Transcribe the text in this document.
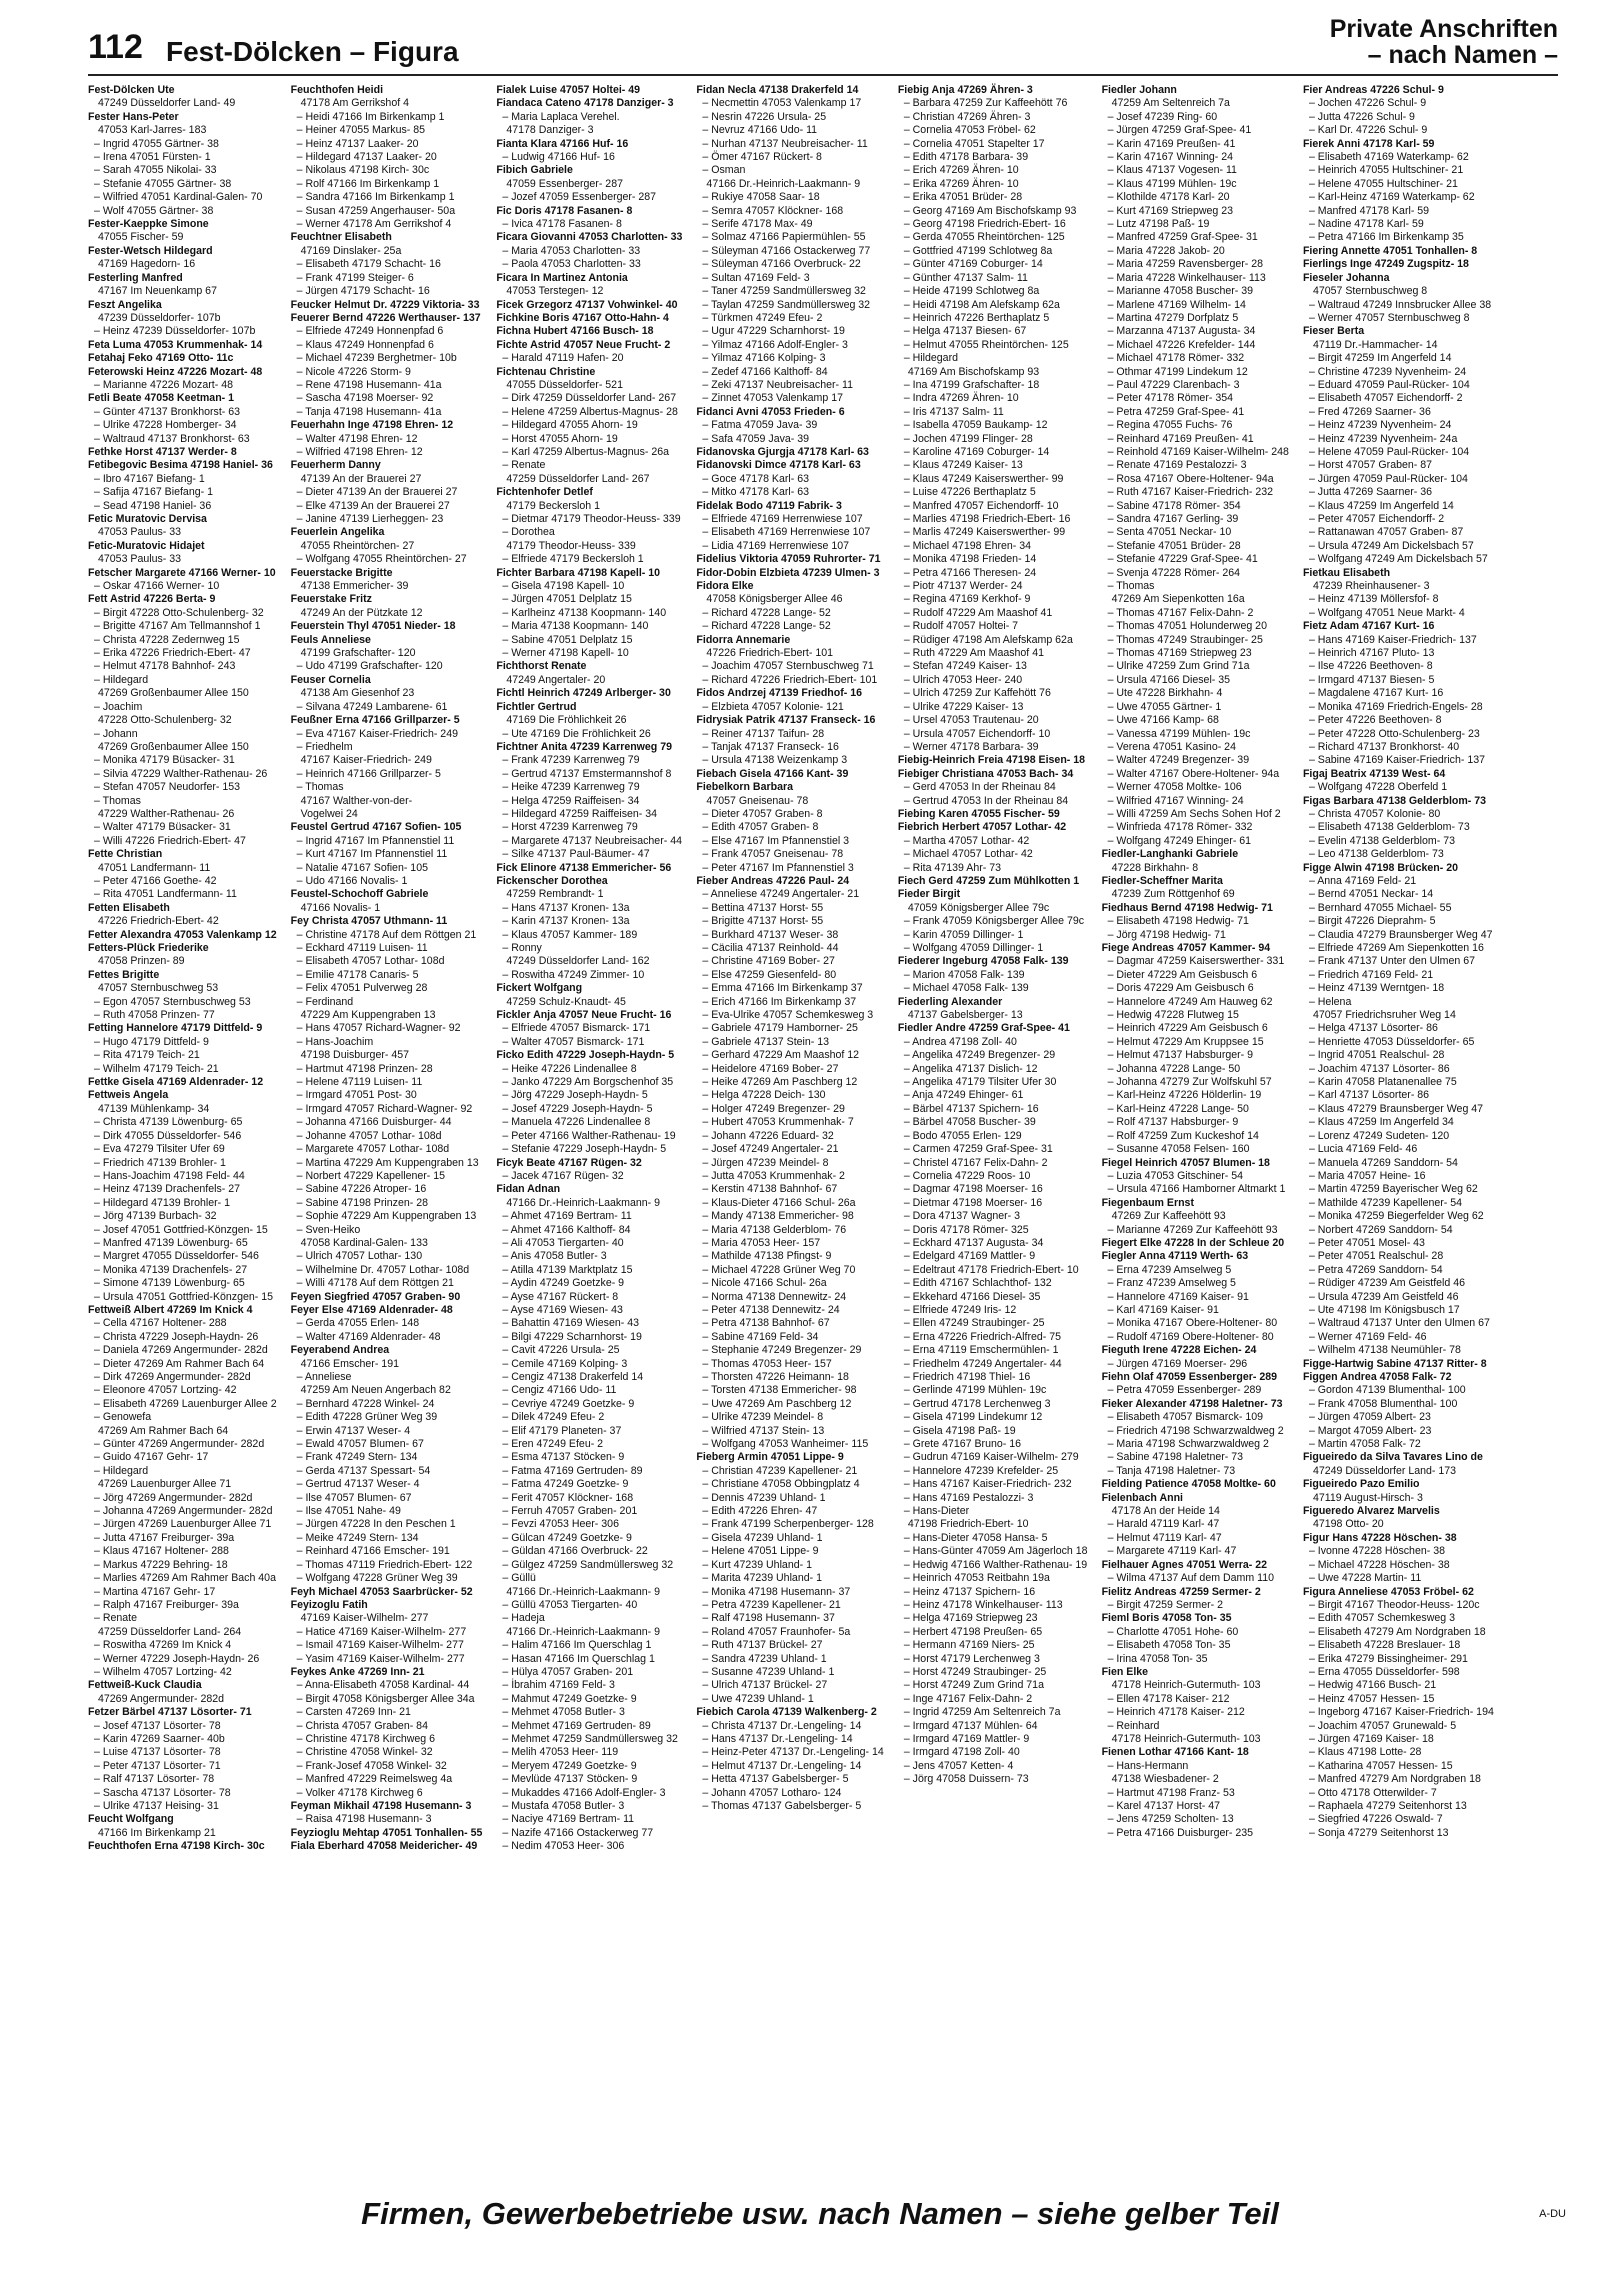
112 Fest-Dölcken – Figura
Private Anschriften
– nach Namen –
Fest-Dölcken Ute
47249 Düsseldorfer Land- 49
Fester Hans-Peter
47053 Karl-Jarres- 183
– Ingrid 47055 Gärtner- 38
– Irena 47051 Fürsten- 1
– Sarah 47055 Nikolai- 33
– Stefanie 47055 Gärtner- 38
– Wilfried 47051 Kardinal-Galen- 70
– Wolf 47055 Gärtner- 38
Fester-Kaeppke Simone
47055 Fischer- 59
Fester-Wetsch Hildegard
47169 Hagedorn- 16
Festerling Manfred
47167 Im Neuenkamp 67
Feszt Angelika
47239 Düsseldorfer- 107b
– Heinz 47239 Düsseldorfer- 107b
Feta Luma 47053 Krummenhak- 14
Fetahaj Feko 47169 Otto- 11c
Feterowski Heinz 47226 Mozart- 48
– Marianne 47226 Mozart- 48
Fetli Beate 47058 Keetman- 1
– Günter 47137 Bronkhorst- 63
– Ulrike 47228 Homberger- 34
– Waltraud 47137 Bronkhorst- 63
Fethke Horst 47137 Werder- 8
Fetibegovic Besima 47198 Haniel- 36
– Ibro 47167 Biefang- 1
– Safija 47167 Biefang- 1
– Sead 47198 Haniel- 36
Fetic Muratovic Dervisa
47053 Paulus- 33
Fetic-Muratovic Hidajet
47053 Paulus- 33
Fetscher Margarete 47166 Werner- 10
– Oskar 47166 Werner- 10
Fett Astrid 47226 Berta- 9
– Birgit 47228 Otto-Schulenberg- 32
– Brigitte 47167 Am Tellmannshof 1
– Christa 47228 Zedernweg 15
– Erika 47226 Friedrich-Ebert- 47
– Helmut 47178 Bahnhof- 243
– Hildegard
47269 Großenbaumer Allee 150
– Joachim
47228 Otto-Schulenberg- 32
– Johann
47269 Großenbaumer Allee 150
– Monika 47179 Büsacker- 31
– Silvia 47229 Walther-Rathenau- 26
– Stefan 47057 Neudorfer- 153
– Thomas
47229 Walther-Rathenau- 26
– Walter 47179 Büsacker- 31
– Willi 47226 Friedrich-Ebert- 47
Fette Christian
47051 Landfermann- 11
– Peter 47166 Goethe- 42
– Rita 47051 Landfermann- 11
Fetten Elisabeth
47226 Friedrich-Ebert- 42
Fetter Alexandra 47053 Valenkamp 12
Fetters-Plück Friederike
47058 Prinzen- 89
Fettes Brigitte
47057 Sternbuschweg 53
– Egon 47057 Sternbuschweg 53
– Ruth 47058 Prinzen- 77
Fetting Hannelore 47179 Dittfeld- 9
– Hugo 47179 Dittfeld- 9
– Rita 47179 Teich- 21
– Wilhelm 47179 Teich- 21
Fettke Gisela 47169 Aldenrader- 12
Fettweis Angela
47139 Mühlenkamp- 34
– Christa 47139 Löwenburg- 65
– Dirk 47055 Düsseldorfer- 546
– Eva 47279 Tilsiter Ufer 69
– Friedrich 47139 Brohler- 1
– Hans-Joachim 47198 Feld- 44
– Heinz 47139 Drachenfels- 27
– Hildegard 47139 Brohler- 1
– Jörg 47139 Burbach- 32
– Josef 47051 Gottfried-Könzgen- 15
– Manfred 47139 Löwenburg- 65
– Margret 47055 Düsseldorfer- 546
– Monika 47139 Drachenfels- 27
– Simone 47139 Löwenburg- 65
– Ursula 47051 Gottfried-Könzgen- 15
Fettweiß Albert 47269 Im Knick 4
– Cella 47167 Holtener- 288
– Christa 47229 Joseph-Haydn- 26
– Daniela 47269 Angermunder- 282d
– Dieter 47269 Am Rahmer Bach 64
– Dirk 47269 Angermunder- 282d
– Eleonore 47057 Lortzing- 42
– Elisabeth 47269 Lauenburger Allee 2
– Genowefa
47269 Am Rahmer Bach 64
– Günter 47269 Angermunder- 282d
– Guido 47167 Gehr- 17
– Hildegard
47269 Lauenburger Allee 71
– Jörg 47269 Angermunder- 282d
– Johanna 47269 Angermunder- 282d
– Jürgen 47269 Lauenburger Allee 71
– Jutta 47167 Freiburger- 39a
– Klaus 47167 Holtener- 288
– Markus 47229 Behring- 18
– Marlies 47269 Am Rahmer Bach 40a
– Martina 47167 Gehr- 17
– Ralph 47167 Freiburger- 39a
– Renate
47259 Düsseldorfer Land- 264
– Roswitha 47269 Im Knick 4
– Werner 47229 Joseph-Haydn- 26
– Wilhelm 47057 Lortzing- 42
Fettweiß-Kuck Claudia
47269 Angermunder- 282d
Fetzer Bärbel 47137 Lösorter- 71
– Josef 47137 Lösorter- 78
– Karin 47269 Saarner- 40b
– Luise 47137 Lösorter- 78
– Peter 47137 Lösorter- 71
– Ralf 47137 Lösorter- 78
– Sascha 47137 Lösorter- 78
– Ulrike 47137 Heising- 31
Feucht Wolfgang
47166 Im Birkenkamp 21
Feuchthofen Erna 47198 Kirch- 30c
Feuchthofen Heidi
47178 Am Gerrikshof 4
– Heidi 47166 Im Birkenkamp 1
– Heiner 47055 Markus- 85
– Heinz 47137 Laaker- 20
– Hildegard 47137 Laaker- 20
– Nikolaus 47198 Kirch- 30c
– Rolf 47166 Im Birkenkamp 1
– Sandra 47166 Im Birkenkamp 1
– Susan 47259 Angerhauser- 50a
– Werner 47178 Am Gerrikshof 4
Feuchtner Elisabeth
47169 Dinslaker- 25a
– Elisabeth 47179 Schacht- 16
– Frank 47199 Steiger- 6
– Jürgen 47179 Schacht- 16
Feucker Helmut Dr. 47229 Viktoria- 33
Feuerer Bernd 47226 Werthauser- 137
– Elfriede 47249 Honnenpfad 6
– Klaus 47249 Honnenpfad 6
– Michael 47239 Berghetmer- 10b
– Nicole 47226 Storm- 9
– Rene 47198 Husemann- 41a
– Sascha 47198 Moerser- 92
– Tanja 47198 Husemann- 41a
Feuerhahn Inge 47198 Ehren- 12
– Walter 47198 Ehren- 12
– Wilfried 47198 Ehren- 12
Feuerherm Danny
47139 An der Brauerei 27
– Dieter 47139 An der Brauerei 27
– Elke 47139 An der Brauerei 27
– Janine 47139 Lierheggen- 23
Feuerlein Angelika
47055 Rheintörchen- 27
– Wolfgang 47055 Rheintörchen- 27
Feuerstacke Brigitte
47138 Emmericher- 39
Feuerstake Fritz
47249 An der Pützkate 12
Feuerstein Thyl 47051 Nieder- 18
Feuls Anneliese
47199 Grafschafter- 120
– Udo 47199 Grafschafter- 120
Feuser Cornelia
47138 Am Giesenhof 23
– Silvana 47249 Lambarene- 61
Feußner Erna 47166 Grillparzer- 5
– Eva 47167 Kaiser-Friedrich- 249
– Friedhelm
47167 Kaiser-Friedrich- 249
– Heinrich 47166 Grillparzer- 5
– Thomas
47167 Walther-von-der-
Vogelwei 24
Feustel Gertrud 47167 Sofien- 105
– Ingrid 47167 Im Pfannenstiel 11
– Kurt 47167 Im Pfannenstiel 11
– Natalie 47167 Sofien- 105
– Udo 47166 Novalis- 1
Feustel-Schochoff Gabriele
47166 Novalis- 1
Fey Christa 47057 Uthmann- 11
– Christine 47178 Auf dem Röttgen 21
– Eckhard 47119 Luisen- 11
– Elisabeth 47057 Lothar- 108d
– Emilie 47178 Canaris- 5
– Felix 47051 Pulverweg 28
– Ferdinand
47229 Am Kuppengraben 13
– Hans 47057 Richard-Wagner- 92
– Hans-Joachim
47198 Duisburger- 457
– Hartmut 47198 Prinzen- 28
– Helene 47119 Luisen- 11
– Irmgard 47051 Post- 30
– Irmgard 47057 Richard-Wagner- 92
– Johanna 47166 Duisburger- 44
– Johanne 47057 Lothar- 108d
– Margarete 47057 Lothar- 108d
– Martina 47229 Am Kuppengraben 13
– Norbert 47229 Kapellener- 15
– Sabine 47226 Atroper- 16
– Sabine 47198 Prinzen- 28
– Sophie 47229 Am Kuppengraben 13
– Sven-Heiko
47058 Kardinal-Galen- 133
– Ulrich 47057 Lothar- 130
– Wilhelmine Dr. 47057 Lothar- 108d
– Willi 47178 Auf dem Röttgen 21
Feyen Siegfried 47057 Graben- 90
Feyer Else 47169 Aldenrader- 48
– Gerda 47055 Erlen- 148
– Walter 47169 Aldenrader- 48
Feyerabend Andrea
47166 Emscher- 191
– Anneliese
47259 Am Neuen Angerbach 82
– Bernhard 47228 Winkel- 24
– Edith 47228 Grüner Weg 39
– Erwin 47137 Weser- 4
– Ewald 47057 Blumen- 67
– Frank 47249 Stern- 134
– Gerda 47137 Spessart- 54
– Gertrud 47137 Weser- 4
– Ilse 47057 Blumen- 67
– Ilse 47051 Nahe- 49
– Jürgen 47228 In den Peschen 1
– Meike 47249 Stern- 134
– Reinhard 47166 Emscher- 191
– Thomas 47119 Friedrich-Ebert- 122
– Wolfgang 47228 Grüner Weg 39
Feyh Michael 47053 Saarbrücker- 52
Feyizoglu Fatih
47169 Kaiser-Wilhelm- 277
– Hatice 47169 Kaiser-Wilhelm- 277
– Ismail 47169 Kaiser-Wilhelm- 277
– Yasim 47169 Kaiser-Wilhelm- 277
Feykes Anke 47269 Inn- 21
– Anna-Elisabeth 47058 Kardinal- 44
– Birgit 47058 Königsberger Allee 34a
– Carsten 47269 Inn- 21
– Christa 47057 Graben- 84
– Christine 47178 Kirchweg 6
– Christine 47058 Winkel- 32
– Frank-Josef 47058 Winkel- 32
– Manfred 47229 Reimelsweg 4a
– Volker 47178 Kirchweg 6
Feyman Mikhail 47198 Husemann- 3
– Raisa 47198 Husemann- 3
Feyzioglu Mehtap 47051 Tonhallen- 55
Fiala Eberhard 47058 Meidericher- 49
Fialek Luise 47057 Holtei- 49
Fiandaca Cateno 47178 Danziger- 3
– Maria Laplaca Verehel.
47178 Danziger- 3
Fianta Klara 47166 Huf- 16
– Ludwig 47166 Huf- 16
Fibich Gabriele
47059 Essenberger- 287
– Jozef 47059 Essenberger- 287
Fic Doris 47178 Fasanen- 8
– Ivica 47178 Fasanen- 8
Ficara Giovanni 47053 Charlotten- 33
– Maria 47053 Charlotten- 33
– Paola 47053 Charlotten- 33
Ficara In Martinez Antonia
47053 Terstegen- 12
Ficek Grzegorz 47137 Vohwinkel- 40
Fichkine Boris 47167 Otto-Hahn- 4
Fichna Hubert 47166 Busch- 18
Fichte Astrid 47057 Neue Frucht- 2
– Harald 47119 Hafen- 20
Fichtenau Christine
47055 Düsseldorfer- 521
– Dirk 47259 Düsseldorfer Land- 267
– Helene 47259 Albertus-Magnus- 28
– Hildegard 47055 Ahorn- 19
– Horst 47055 Ahorn- 19
– Karl 47259 Albertus-Magnus- 26a
– Renate
47259 Düsseldorfer Land- 267
Fichtenhofer Detlef
47179 Beckersloh 1
– Dietmar 47179 Theodor-Heuss- 339
– Dorothea
47179 Theodor-Heuss- 339
– Elfriede 47179 Beckersloh 1
Fichter Barbara 47198 Kapell- 10
– Gisela 47198 Kapell- 10
– Jürgen 47051 Delplatz 15
– Karlheinz 47138 Koopmann- 140
– Maria 47138 Koopmann- 140
– Sabine 47051 Delplatz 15
– Werner 47198 Kapell- 10
Fichthorst Renate
47249 Angertaler- 20
Fichtl Heinrich 47249 Arlberger- 30
Fichtler Gertrud
47169 Die Fröhlichkeit 26
– Ute 47169 Die Fröhlichkeit 26
Fichtner Anita 47239 Karrenweg 79
– Frank 47239 Karrenweg 79
– Gertrud 47137 Emstermannshof 8
– Heike 47239 Karrenweg 79
– Helga 47259 Raiffeisen- 34
– Hildegard 47259 Raiffeisen- 34
– Horst 47239 Karrenweg 79
– Margarete 47137 Neubreisacher- 44
– Silke 47137 Paul-Bäumer- 47
Fick Elinore 47138 Emmericher- 56
Fickenscher Dorothea
47259 Rembrandt- 1
– Hans 47137 Kronen- 13a
– Karin 47137 Kronen- 13a
– Klaus 47057 Kammer- 189
– Ronny
47249 Düsseldorfer Land- 162
– Roswitha 47249 Zimmer- 10
Fickert Wolfgang
47259 Schulz-Knaudt- 45
Fickler Anja 47057 Neue Frucht- 16
– Elfriede 47057 Bismarck- 171
– Walter 47057 Bismarck- 171
Ficko Edith 47229 Joseph-Haydn- 5
– Heike 47226 Lindenallee 8
– Janko 47229 Am Borgschenhof 35
– Jörg 47229 Joseph-Haydn- 5
– Josef 47229 Joseph-Haydn- 5
– Manuela 47226 Lindenallee 8
– Peter 47166 Walther-Rathenau- 19
– Stefanie 47229 Joseph-Haydn- 5
Ficyk Beate 47167 Rügen- 32
– Jacek 47167 Rügen- 32
Fidan Adnan
47166 Dr.-Heinrich-Laakmann- 9
– Ahmet 47169 Bertram- 11
– Ahmet 47166 Kalthoff- 84
– Ali 47053 Tiergarten- 40
– Anis 47058 Butler- 3
– Atilla 47139 Marktplatz 15
– Aydin 47249 Goetzke- 9
– Ayse 47167 Rückert- 8
– Ayse 47169 Wiesen- 43
– Bahattin 47169 Wiesen- 43
– Bilgi 47229 Scharnhorst- 19
– Cavit 47226 Ursula- 25
– Cemile 47169 Kolping- 3
– Cengiz 47138 Drakerfeld 14
– Cengiz 47166 Udo- 11
– Cevriye 47249 Goetzke- 9
– Dilek 47249 Efeu- 2
– Elif 47179 Planeten- 37
– Eren 47249 Efeu- 2
– Esma 47137 Stöcken- 9
– Fatma 47169 Gertruden- 89
– Fatma 47249 Goetzke- 9
– Ferit 47057 Klöckner- 168
– Ferruh 47057 Graben- 201
– Fevzi 47053 Heer- 306
– Gülcan 47249 Goetzke- 9
– Güldan 47166 Overbruck- 22
– Gülgez 47259 Sandmüllersweg 32
– Güllü
47166 Dr.-Heinrich-Laakmann- 9
– Güllü 47053 Tiergarten- 40
– Hadeja
47166 Dr.-Heinrich-Laakmann- 9
– Halim 47166 Im Querschlag 1
– Hasan 47166 Im Querschlag 1
– Hülya 47057 Graben- 201
– İbrahim 47169 Feld- 3
– Mahmut 47249 Goetzke- 9
– Mehmet 47058 Butler- 3
– Mehmet 47169 Gertruden- 89
– Mehmet 47259 Sandmüllersweg 32
– Melih 47053 Heer- 119
– Meryem 47249 Goetzke- 9
– Mevlüde 47137 Stöcken- 9
– Mukaddes 47166 Adolf-Engler- 3
– Mustafa 47058 Butler- 3
– Naciye 47169 Bertram- 11
– Nazife 47166 Ostackerweg 77
– Nedim 47053 Heer- 306
Fidan Necla 47138 Drakerfeld 14
– Necmettin 47053 Valenkamp 17
– Nesrin 47226 Ursula- 25
– Nevruz 47166 Udo- 11
– Nurhan 47137 Neubreisacher- 11
– Ömer 47167 Rückert- 8
– Osman
47166 Dr.-Heinrich-Laakmann- 9
– Rukiye 47058 Saar- 18
– Semra 47057 Klöckner- 168
– Serife 47178 Max- 49
– Solmaz 47166 Papiermühlen- 55
– Süleyman 47166 Ostackerweg 77
– Süleyman 47166 Overbruck- 22
– Sultan 47169 Feld- 3
– Taner 47259 Sandmüllersweg 32
– Taylan 47259 Sandmüllersweg 32
– Türkmen 47249 Efeu- 2
– Ugur 47229 Scharnhorst- 19
– Yilmaz 47166 Adolf-Engler- 3
– Yilmaz 47166 Kolping- 3
– Zedef 47166 Kalthoff- 84
– Zeki 47137 Neubreisacher- 11
– Zinnet 47053 Valenkamp 17
Fidanci Avni 47053 Frieden- 6
– Fatma 47059 Java- 39
– Safa 47059 Java- 39
Fidanovska Gjurgja 47178 Karl- 63
Fidanovski Dimce 47178 Karl- 63
– Goce 47178 Karl- 63
– Mitko 47178 Karl- 63
Fidelak Bodo 47119 Fabrik- 3
– Elfriede 47169 Herrenwiese 107
– Elisabeth 47169 Herrenwiese 107
– Lidia 47169 Herrenwiese 107
Fidelius Viktoria 47059 Ruhrorter- 71
Fidor-Dobin Elzbieta 47239 Ulmen- 3
Fidora Elke
47058 Königsberger Allee 46
– Richard 47228 Lange- 52
– Richard 47228 Lange- 52
Fidorra Annemarie
47226 Friedrich-Ebert- 101
– Joachim 47057 Sternbuschweg 71
– Richard 47226 Friedrich-Ebert- 101
Fidos Andrzej 47139 Friedhof- 16
– Elzbieta 47057 Kolonie- 121
Fidrysiak Patrik 47137 Franseck- 16
– Reiner 47137 Taifun- 28
– Tanjak 47137 Franseck- 16
– Ursula 47138 Weizenkamp 3
Fiebach Gisela 47166 Kant- 39
Fiebelkorn Barbara
47057 Gneisenau- 78
– Dieter 47057 Graben- 8
– Edith 47057 Graben- 8
– Else 47167 Im Pfannenstiel 3
– Frank 47057 Gneisenau- 78
– Peter 47167 Im Pfannenstiel 3
Fieber Andreas 47226 Paul- 24
– Anneliese 47249 Angertaler- 21
– Bettina 47137 Horst- 55
– Brigitte 47137 Horst- 55
– Burkhard 47137 Weser- 38
– Cäcilia 47137 Reinhold- 44
– Christine 47169 Bober- 27
– Else 47259 Giesenfeld- 80
– Emma 47166 Im Birkenkamp 37
– Erich 47166 Im Birkenkamp 37
– Eva-Ulrike 47057 Schemkesweg 3
– Gabriele 47179 Hamborner- 25
– Gabriele 47137 Stein- 13
– Gerhard 47229 Am Maashof 12
– Heidelore 47169 Bober- 27
– Heike 47269 Am Paschberg 12
– Helga 47228 Deich- 130
– Holger 47249 Bregenzer- 29
– Hubert 47053 Krummenhak- 7
– Johann 47226 Eduard- 32
– Josef 47249 Angertaler- 21
– Jürgen 47239 Meindel- 8
– Jutta 47053 Krummenhak- 2
– Kerstin 47138 Bahnhof- 67
– Klaus-Dieter 47166 Schul- 26a
– Mandy 47138 Emmericher- 98
– Maria 47138 Gelderblom- 76
– Maria 47053 Heer- 157
– Mathilde 47138 Pfingst- 9
– Michael 47228 Grüner Weg 70
– Nicole 47166 Schul- 26a
– Norma 47138 Dennewitz- 24
– Peter 47138 Dennewitz- 24
– Petra 47138 Bahnhof- 67
– Sabine 47169 Feld- 34
– Stephanie 47249 Bregenzer- 29
– Thomas 47053 Heer- 157
– Thorsten 47226 Heimann- 18
– Torsten 47138 Emmericher- 98
– Uwe 47269 Am Paschberg 12
– Ulrike 47239 Meindel- 8
– Wilfried 47137 Stein- 13
– Wolfgang 47053 Wanheimer- 115
Fieberg Armin 47051 Lippe- 9
– Christian 47239 Kapellener- 21
– Christiane 47058 Obbingplatz 4
– Dennis 47239 Uhland- 1
– Edith 47226 Ehren- 47
– Frank 47199 Scherpenberger- 128
– Gisela 47239 Uhland- 1
– Helene 47051 Lippe- 9
– Kurt 47239 Uhland- 1
– Marita 47239 Uhland- 1
– Monika 47198 Husemann- 37
– Petra 47239 Kapellener- 21
– Ralf 47198 Husemann- 37
– Roland 47057 Fraunhofer- 5a
– Ruth 47137 Brückel- 27
– Sandra 47239 Uhland- 1
– Susanne 47239 Uhland- 1
– Ulrich 47137 Brückel- 27
– Uwe 47239 Uhland- 1
Fiebich Carola 47139 Walkenberg- 2
– Christa 47137 Dr.-Lengeling- 14
– Hans 47137 Dr.-Lengeling- 14
– Heinz-Peter 47137 Dr.-Lengeling- 14
– Helmut 47137 Dr.-Lengeling- 14
– Hetta 47137 Gabelsberger- 5
– Johann 47057 Lotharo- 124
– Thomas 47137 Gabelsberger- 5
Fiebig Anja 47269 Ähren- 3
– Barbara 47259 Zur Kaffeehött 76
– Christian 47269 Ähren- 3
– Cornelia 47053 Fröbel- 62
– Cornelia 47051 Stapelter 17
– Edith 47178 Barbara- 39
– Erich 47269 Ähren- 10
– Erika 47269 Ähren- 10
– Erika 47051 Brüder- 28
– Georg 47169 Am Bischofskamp 93
– Georg 47198 Friedrich-Ebert- 16
– Gerda 47055 Rheintörchen- 125
– Gottfried 47199 Schlotweg 8a
– Günter 47169 Coburger- 14
– Günther 47137 Salm- 11
– Heide 47199 Schlotweg 8a
– Heidi 47198 Am Alefskamp 62a
– Heinrich 47226 Berthaplatz 5
– Helga 47137 Biesen- 67
– Helmut 47055 Rheintörchen- 125
– Hildegard
47169 Am Bischofskamp 93
– Ina 47199 Grafschafter- 18
– Indra 47269 Ähren- 10
– Iris 47137 Salm- 11
– Isabella 47059 Baukamp- 12
– Jochen 47199 Flinger- 28
– Karoline 47169 Coburger- 14
– Klaus 47249 Kaiser- 13
– Klaus 47249 Kaiserswerther- 99
– Luise 47226 Berthaplatz 5
– Manfred 47057 Eichendorff- 10
– Marlies 47198 Friedrich-Ebert- 16
– Marlis 47249 Kaiserswerther- 99
– Michael 47198 Ehren- 34
– Monika 47198 Frieden- 14
– Petra 47166 Theresen- 24
– Piotr 47137 Werder- 24
– Regina 47169 Kerkhof- 9
– Rudolf 47229 Am Maashof 41
– Rudolf 47057 Holtei- 7
– Rüdiger 47198 Am Alefskamp 62a
– Ruth 47229 Am Maashof 41
– Stefan 47249 Kaiser- 13
– Ulrich 47053 Heer- 240
– Ulrich 47259 Zur Kaffehött 76
– Ulrike 47229 Kaiser- 13
– Ursel 47053 Trautenau- 20
– Ursula 47057 Eichendorff- 10
– Werner 47178 Barbara- 39
Fiebig-Heinrich Freia 47198 Eisen- 18
Fiebiger Christiana 47053 Bach- 34
– Gerd 47053 In der Rheinau 84
– Gertrud 47053 In der Rheinau 84
Fiebing Karen 47055 Fischer- 59
Fiebrich Herbert 47057 Lothar- 42
– Martha 47057 Lothar- 42
– Michael 47057 Lothar- 42
– Rita 47139 Ahr- 73
Fiech Gerd 47259 Zum Mühlkotten 1
Fieder Birgit
47059 Königsberger Allee 79c
– Frank 47059 Königsberger Allee 79c
– Karin 47059 Dillinger- 1
– Wolfgang 47059 Dillinger- 1
Fiederer Ingeburg 47058 Falk- 139
– Marion 47058 Falk- 139
– Michael 47058 Falk- 139
Fiederling Alexander
47137 Gabelsberger- 13
Fiedler Andre 47259 Graf-Spee- 41
– Andrea 47198 Zoll- 40
– Angelika 47249 Bregenzer- 29
– Angelika 47137 Dislich- 12
– Angelika 47179 Tilsiter Ufer 30
– Anja 47249 Ehinger- 61
– Bärbel 47137 Spichern- 16
– Bärbel 47058 Buscher- 39
– Bodo 47055 Erlen- 129
– Carmen 47259 Graf-Spee- 31
– Christel 47167 Felix-Dahn- 2
– Cornelia 47229 Roos- 10
– Dagmar 47198 Moerser- 16
– Dietmar 47198 Moerser- 16
– Dora 47137 Wagner- 3
– Doris 47178 Römer- 325
– Eckhard 47137 Augusta- 34
– Edelgard 47169 Mattler- 9
– Edeltraut 47178 Friedrich-Ebert- 10
– Edith 47167 Schlachthof- 132
– Ekkehard 47166 Diesel- 35
– Elfriede 47249 Iris- 12
– Ellen 47249 Straubinger- 25
– Erna 47226 Friedrich-Alfred- 75
– Erna 47119 Emschermühlen- 1
– Friedhelm 47249 Angertaler- 44
– Friedrich 47198 Thiel- 16
– Gerlinde 47199 Mühlen- 19c
– Gertrud 47178 Lerchenweg 3
– Gisela 47199 Lindekumr 12
– Gisela 47198 Paß- 19
– Grete 47167 Bruno- 16
– Gudrun 47169 Kaiser-Wilhelm- 279
– Hannelore 47239 Krefelder- 25
– Hans 47167 Kaiser-Friedrich- 232
– Hans 47169 Pestalozzi- 3
– Hans-Dieter
47198 Friedrich-Ebert- 10
– Hans-Dieter 47058 Hansa- 5
– Hans-Günter 47059 Am Jägerloch 18
– Hedwig 47166 Walther-Rathenau- 19
– Heinrich 47053 Reitbahn 19a
– Heinz 47137 Spichern- 16
– Heinz 47178 Winkelhauser- 113
– Helga 47169 Striepweg 23
– Herbert 47198 Preußen- 65
– Hermann 47169 Niers- 25
– Horst 47179 Lerchenweg 3
– Horst 47249 Straubinger- 25
– Horst 47249 Zum Grind 71a
– Inge 47167 Felix-Dahn- 2
– Ingrid 47259 Am Seltenreich 7a
– Irmgard 47137 Mühlen- 64
– Irmgard 47169 Mattler- 9
– Irmgard 47198 Zoll- 40
– Jens 47057 Ketten- 4
– Jörg 47058 Duissern- 73
Fiedler Johann
47259 Am Seltenreich 7a
– Josef 47239 Ring- 60
– Jürgen 47259 Graf-Spee- 41
– Karin 47169 Preußen- 41
– Karin 47167 Winning- 24
– Klaus 47137 Vogesen- 11
– Klaus 47199 Mühlen- 19c
– Klothilde 47178 Karl- 20
– Kurt 47169 Striepweg 23
– Lutz 47198 Paß- 19
– Manfred 47259 Graf-Spee- 31
– Maria 47228 Jakob- 20
– Maria 47259 Ravensberger- 28
– Maria 47228 Winkelhauser- 113
– Marianne 47058 Buscher- 39
– Marlene 47169 Wilhelm- 14
– Martina 47279 Dorfplatz 5
– Marzanna 47137 Augusta- 34
– Michael 47226 Krefelder- 144
– Michael 47178 Römer- 332
– Othmar 47199 Lindekum 12
– Paul 47229 Clarenbach- 3
– Peter 47178 Römer- 354
– Petra 47259 Graf-Spee- 41
– Regina 47055 Fuchs- 76
– Reinhard 47169 Preußen- 41
– Reinhold 47169 Kaiser-Wilhelm- 248
– Renate 47169 Pestalozzi- 3
– Rosa 47167 Obere-Holtener- 94a
– Ruth 47167 Kaiser-Friedrich- 232
– Sabine 47178 Römer- 354
– Sandra 47167 Gerling- 39
– Senta 47051 Neckar- 10
– Stefanie 47051 Brüder- 28
– Stefanie 47229 Graf-Spee- 41
– Svenja 47228 Römer- 264
– Thomas
47269 Am Siepenkotten 16a
– Thomas 47167 Felix-Dahn- 2
– Thomas 47051 Holunderweg 20
– Thomas 47249 Straubinger- 25
– Thomas 47169 Striepweg 23
– Ulrike 47259 Zum Grind 71a
– Ursula 47166 Diesel- 35
– Ute 47228 Birkhahn- 4
– Uwe 47055 Gärtner- 1
– Uwe 47166 Kamp- 68
– Vanessa 47199 Mühlen- 19c
– Verena 47051 Kasino- 24
– Walter 47249 Bregenzer- 39
– Walter 47167 Obere-Holtener- 94a
– Werner 47058 Moltke- 106
– Wilfried 47167 Winning- 24
– Willi 47259 Am Sechs Sohen Hof 2
– Winfrieda 47178 Römer- 332
– Wolfgang 47249 Ehinger- 61
Fiedler-Langhanki Gabriele
47228 Birkhahn- 8
Fiedler-Scheffner Marita
47239 Zum Röttgenhof 69
Fiedhaus Bernd 47198 Hedwig- 71
– Elisabeth 47198 Hedwig- 71
– Jörg 47198 Hedwig- 71
Fiege Andreas 47057 Kammer- 94
– Dagmar 47259 Kaiserswerther- 331
– Dieter 47229 Am Geisbusch 6
– Doris 47229 Am Geisbusch 6
– Hannelore 47249 Am Hauweg 62
– Hedwig 47228 Flutweg 15
– Heinrich 47229 Am Geisbusch 6
– Helmut 47229 Am Kruppsee 15
– Helmut 47137 Habsburger- 9
– Johanna 47228 Lange- 50
– Johanna 47279 Zur Wolfskuhl 57
– Karl-Heinz 47226 Hölderlin- 19
– Karl-Heinz 47228 Lange- 50
– Rolf 47137 Habsburger- 9
– Rolf 47259 Zum Kuckeshof 14
– Susanne 47058 Felsen- 160
Fiegel Heinrich 47057 Blumen- 18
– Luzia 47053 Gitschiner- 54
– Ursula 47166 Hamborner Altmarkt 1
Fiegenbaum Ernst
47269 Zur Kaffeehött 93
– Marianne 47269 Zur Kaffeehött 93
Fiegert Elke 47228 In der Schleue 20
Fiegler Anna 47119 Werth- 63
– Erna 47239 Amselweg 5
– Franz 47239 Amselweg 5
– Hannelore 47169 Kaiser- 91
– Karl 47169 Kaiser- 91
– Monika 47167 Obere-Holtener- 80
– Rudolf 47169 Obere-Holtener- 80
Fieguth Irene 47228 Eichen- 24
– Jürgen 47169 Moerser- 296
Fiehn Olaf 47059 Essenberger- 289
– Petra 47059 Essenberger- 289
Fieker Alexander 47198 Haletner- 73
– Elisabeth 47057 Bismarck- 109
– Friedrich 47198 Schwarzwaldweg 2
– Maria 47198 Schwarzwaldweg 2
– Sabine 47198 Haletner- 73
– Tanja 47198 Haletner- 73
Fielding Patience 47058 Moltke- 60
Fielenbach Anni
47178 An der Heide 14
– Harald 47119 Karl- 47
– Helmut 47119 Karl- 47
– Margarete 47119 Karl- 47
Fielhauer Agnes 47051 Werra- 22
– Wilma 47137 Auf dem Damm 110
Fielitz Andreas 47259 Sermer- 2
– Birgit 47259 Sermer- 2
Fieml Boris 47058 Ton- 35
– Charlotte 47051 Hohe- 60
– Elisabeth 47058 Ton- 35
– Irina 47058 Ton- 35
Fien Elke
47178 Heinrich-Gutermuth- 103
– Ellen 47178 Kaiser- 212
– Heinrich 47178 Kaiser- 212
– Reinhard
47178 Heinrich-Gutermuth- 103
Fienen Lothar 47166 Kant- 18
– Hans-Hermann
47138 Wiesbadener- 2
– Hartmut 47198 Franz- 53
– Karel 47137 Horst- 47
– Jens 47259 Scholten- 13
– Petra 47166 Duisburger- 235
Fier Andreas 47226 Schul- 9
– Jochen 47226 Schul- 9
– Jutta 47226 Schul- 9
– Karl Dr. 47226 Schul- 9
Fierek Anni 47178 Karl- 59
– Elisabeth 47169 Waterkamp- 62
– Heinrich 47055 Hultschiner- 21
– Helene 47055 Hultschiner- 21
– Karl-Heinz 47169 Waterkamp- 62
– Manfred 47178 Karl- 59
– Nadine 47178 Karl- 59
– Petra 47166 Im Birkenkamp 35
Fiering Annette 47051 Tonhallen- 8
Fierlings Inge 47249 Zugspitz- 18
Fieseler Johanna
47057 Sternbuschweg 8
– Waltraud 47249 Innsbrucker Allee 38
– Werner 47057 Sternbuschweg 8
Fieser Berta
47119 Dr.-Hammacher- 14
– Birgit 47259 Im Angerfeld 14
– Christine 47239 Nyvenheim- 24
– Eduard 47059 Paul-Rücker- 104
– Elisabeth 47057 Eichendorff- 2
– Fred 47269 Saarner- 36
– Heinz 47239 Nyvenheim- 24
– Heinz 47239 Nyvenheim- 24a
– Helene 47059 Paul-Rücker- 104
– Horst 47057 Graben- 87
– Jürgen 47059 Paul-Rücker- 104
– Jutta 47269 Saarner- 36
– Klaus 47259 Im Angerfeld 14
– Peter 47057 Eichendorff- 2
– Rattanawan 47057 Graben- 87
– Ursula 47249 Am Dickelsbach 57
– Wolfgang 47249 Am Dickelsbach 57
Fietkau Elisabeth
47239 Rheinhausener- 3
– Heinz 47139 Möllersfof- 8
– Wolfgang 47051 Neue Markt- 4
Fietz Adam 47167 Kurt- 16
– Hans 47169 Kaiser-Friedrich- 137
– Heinrich 47167 Pluto- 13
– Ilse 47226 Beethoven- 8
– Irmgard 47137 Biesen- 5
– Magdalene 47167 Kurt- 16
– Monika 47169 Friedrich-Engels- 28
– Peter 47226 Beethoven- 8
– Peter 47228 Otto-Schulenberg- 23
– Richard 47137 Bronkhorst- 40
– Sabine 47169 Kaiser-Friedrich- 137
Figaj Beatrix 47139 West- 64
– Wolfgang 47228 Oberfeld 1
Figas Barbara 47138 Gelderblom- 73
– Christa 47057 Kolonie- 80
– Elisabeth 47138 Gelderblom- 73
– Evelin 47138 Gelderblom- 73
– Leo 47138 Gelderblom- 73
Figge Alwin 47198 Brücken- 20
– Anna 47169 Feld- 21
– Bernd 47051 Neckar- 14
– Bernhard 47055 Michael- 55
– Birgit 47226 Dieprahm- 5
– Claudia 47279 Braunsberger Weg 47
– Elfriede 47269 Am Siepenkotten 16
– Frank 47137 Unter den Ulmen 67
– Friedrich 47169 Feld- 21
– Heinz 47139 Werntgen- 18
– Helena
47057 Friedrichsruher Weg 14
– Helga 47137 Lösorter- 86
– Henriette 47053 Düsseldorfer- 65
– Ingrid 47051 Realschul- 28
– Joachim 47137 Lösorter- 86
– Karin 47058 Platanenallee 75
– Karl 47137 Lösorter- 86
– Klaus 47279 Braunsberger Weg 47
– Klaus 47259 Im Angerfeld 34
– Lorenz 47249 Sudeten- 120
– Lucia 47169 Feld- 46
– Manuela 47269 Sanddorn- 54
– Maria 47057 Heine- 16
– Martin 47259 Bayerischer Weg 62
– Mathilde 47239 Kapellener- 54
– Monika 47259 Biegerfelder Weg 62
– Norbert 47269 Sanddorn- 54
– Peter 47051 Mosel- 43
– Peter 47051 Realschul- 28
– Petra 47269 Sanddorn- 54
– Rüdiger 47239 Am Geistfeld 46
– Ursula 47239 Am Geistfeld 46
– Ute 47198 Im Königsbusch 17
– Waltraud 47137 Unter den Ulmen 67
– Werner 47169 Feld- 46
– Wilhelm 47138 Neumühler- 78
Figge-Hartwig Sabine 47137 Ritter- 8
Figgen Andrea 47058 Falk- 72
– Gordon 47139 Blumenthal- 100
– Frank 47058 Blumenthal- 100
– Jürgen 47059 Albert- 23
– Margot 47059 Albert- 23
– Martin 47058 Falk- 72
Figueiredo da Silva Tavares Lino de
47249 Düsseldorfer Land- 173
Figueiredo Pazo Emilio
47119 August-Hirsch- 3
Figueredo Alvarez Marvelis
47198 Otto- 20
Figur Hans 47228 Höschen- 38
– Ivonne 47228 Höschen- 38
– Michael 47228 Höschen- 38
– Uwe 47228 Martin- 11
Figura Anneliese 47053 Fröbel- 62
– Birgit 47167 Theodor-Heuss- 120c
– Edith 47057 Schemkesweg 3
– Elisabeth 47279 Am Nordgraben 18
– Elisabeth 47228 Breslauer- 18
– Erika 47279 Bissingheimer- 291
– Erna 47055 Düsseldorfer- 598
– Hedwig 47166 Busch- 21
– Heinz 47057 Hessen- 15
– Ingeborg 47167 Kaiser-Friedrich- 194
– Joachim 47057 Grunewald- 5
– Jürgen 47169 Kaiser- 18
– Klaus 47198 Lotte- 28
– Katharina 47057 Hessen- 15
– Manfred 47279 Am Nordgraben 18
– Otto 47178 Otterwilder- 7
– Raphaela 47279 Seitenhorst 13
– Siegfried 47226 Oswald- 7
– Sonja 47279 Seitenhorst 13
Firmen, Gewerbebetriebe usw. nach Namen – siehe gelber Teil	A-DU
